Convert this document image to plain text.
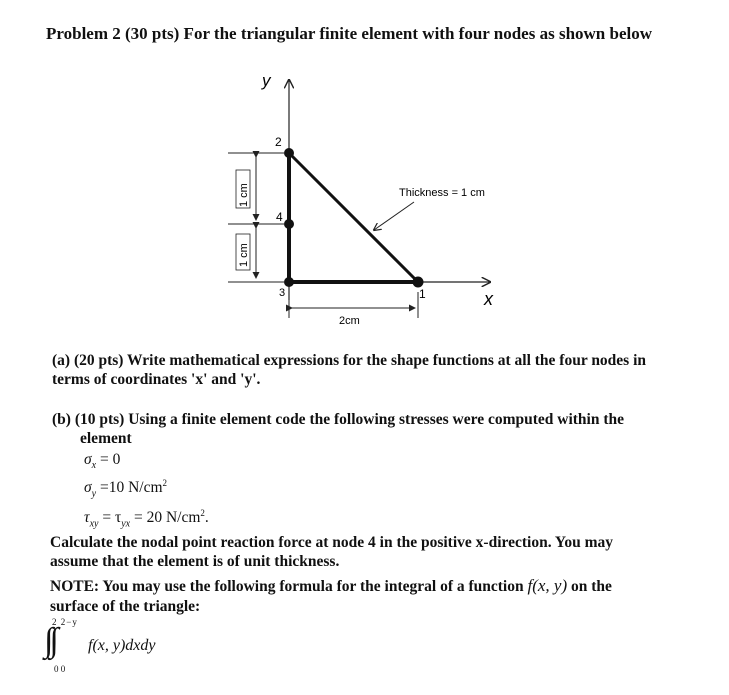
Problem 2 (30 pts) For the triangular finite element with four nodes as shown below
y
x
1
2
3
4
1 cm
1 cm
2cm
Thickness = 1 cm
(a) (20 pts) Write mathematical expressions for the shape functions at all the four nodes in
terms of coordinates 'x' and 'y'.
(b) (10 pts) Using a finite element code the following stresses were computed within the
element
$\sigma_x = 0$
$\sigma_y =10$ $N/cm^2$
$\tau_{xy} = \tau_{yx} = 20$ $N/cm^2$.
Calculate the nodal point reaction force at node 4 in the positive x-direction. You may
assume that the element is of unit thickness.
NOTE: You may use the following formula for the integral of a function f(x, y) on the
surface of the triangle:
2 2−y
∫∫ f(x, y)dxdy
0 0
